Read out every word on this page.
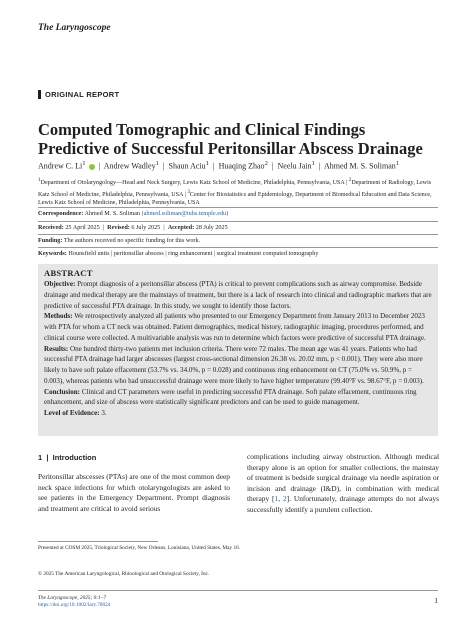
The Laryngoscope
ORIGINAL REPORT
Computed Tomographic and Clinical Findings Predictive of Successful Peritonsillar Abscess Drainage
Andrew C. Li$^1$   |  Andrew Wadley$^1$  |  Shaun Aciu$^1$  |  Huaqing Zhao$^2$  |  Neelu Jain$^1$  |  Ahmed M. S. Soliman$^1$
$^1$Department of Otolaryngology—Head and Neck Surgery, Lewis Katz School of Medicine, Philadelphia, Pennsylvania, USA | $^2$Department of Radiology, Lewis Katz School of Medicine, Philadelphia, Pennsylvania, USA | $^3$Center for Biostatistics and Epidemiology, Department of Biomedical Education and Data Science, Lewis Katz School of Medicine, Philadelphia, Pennsylvania, USA
Correspondence: Ahmed M. S. Soliman (ahmed.soliman@tuhs.temple.edu)
Received: 25 April 2025  |  Revised: 6 July 2025  |  Accepted: 28 July 2025
Funding: The authors received no specific funding for this work.
Keywords: Hounsfield units | peritonsillar abscess | ring enhancement | surgical treatment computed tomography
ABSTRACT

Objective: Prompt diagnosis of a peritonsillar abscess (PTA) is critical to prevent complications such as airway compromise. Bedside drainage and medical therapy are the mainstays of treatment, but there is a lack of research into clinical and radiographic markers that are predictive of successful PTA drainage. In this study, we sought to identify those factors.

Methods: We retrospectively analyzed all patients who presented to our Emergency Department from January 2013 to December 2023 with PTA for whom a CT neck was obtained. Patient demographics, medical history, radiographic imaging, procedures performed, and clinical course were collected. A multivariable analysis was run to determine which factors were predictive of successful PTA drainage.

Results: One hundred thirty-two patients met inclusion criteria. There were 72 males. The mean age was 41 years. Patients who had successful PTA drainage had larger abscesses (largest cross-sectional dimension 26.38 vs. 20.02 mm, p < 0.001). They were also more likely to have soft palate effacement (53.7% vs. 34.0%, p = 0.028) and continuous ring enhancement on CT (75.0% vs. 50.9%, p = 0.003), whereas patients who had unsuccessful drainage were more likely to have higher temperature (99.40°F vs. 98.67°F, p = 0.003).

Conclusion: Clinical and CT parameters were useful in predicting successful PTA drainage. Soft palate effacement, continuous ring enhancement, and size of abscess were statistically significant predictors and can be used to guide management.

Level of Evidence: 3.

1  |  Introduction
Peritonsillar abscesses (PTAs) are one of the most common deep neck space infections for which otolaryngologists are asked to see patients in the Emergency Department. Prompt diagnosis and treatment are critical to avoid serious
complications including airway obstruction. Although medical therapy alone is an option for smaller collections, the mainstay of treatment is bedside surgical drainage via needle aspiration or incision and drainage (I&D), in combination with medical therapy [1, 2]. Unfortunately, drainage attempts do not always successfully identify a purulent collection.
Presented at COSM 2025, Triological Society, New Orleans, Louisiana, United States, May 16.
© 2025 The American Laryngological, Rhinological and Otological Society, Inc.
The Laryngoscope, 2025; 0:1–7
https://doi.org/10.1002/lary.70024	1
